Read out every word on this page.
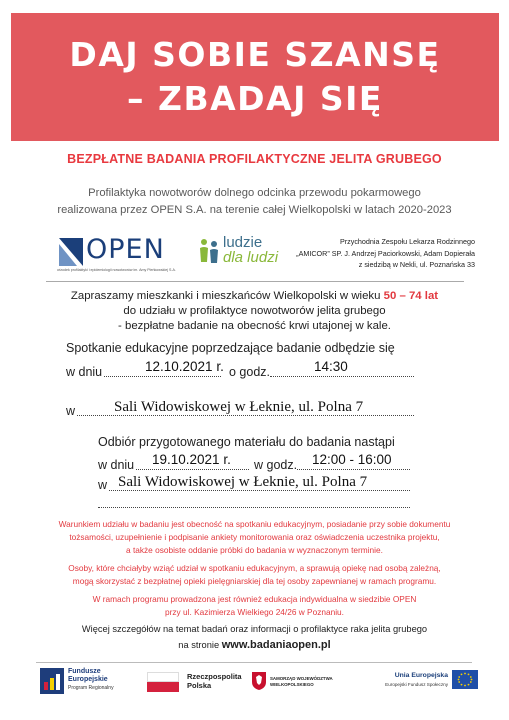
DAJ SOBIE SZANSĘ
– ZBADAJ SIĘ
BEZPŁATNE BADANIA PROFILAKTYCZNE JELITA GRUBEGO
Profilaktyka nowotworów dolnego odcinka przewodu pokarmowego
realizowana przez OPEN S.A. na terenie całej Wielkopolski w latach 2020-2023
OPEN
ośrodek profilaktyki i epidemiologii nowotworów im. Amy Pleńkowskiej S.A.
ludzie
dla ludzi
Przychodnia Zespołu Lekarza Rodzinnego
„AMICOR” SP. J. Andrzej Paciorkowski, Adam Dopierała
z siedzibą w Nekli, ul. Poznańska 33
Zapraszamy mieszkanki i mieszkańców Wielkopolski w wieku 50 – 74 lat
do udziału w profilaktyce nowotworów jelita grubego
- bezpłatne badanie na obecność krwi utajonej w kale.
Spotkanie edukacyjne poprzedzające badanie odbędzie się
w dniu	12.10.2021 r. o godz.	14:30
w	Sali Widowiskowej w Łeknie, ul. Polna 7
Odbiór przygotowanego materiału do badania nastąpi
w dniu 19.10.2021 r. w godz. 12:00 - 16:00
w Sali Widowiskowej w Łeknie, ul. Polna 7
Warunkiem udziału w badaniu jest obecność na spotkaniu edukacyjnym, posiadanie przy sobie dokumentu
tożsamości, uzupełnienie i podpisanie ankiety monitorowania oraz oświadczenia uczestnika projektu,
a także osobiste oddanie próbki do badania w wyznaczonym terminie.
Osoby, które chciałyby wziąć udział w spotkaniu edukacyjnym, a sprawują opiekę nad osobą zależną,
mogą skorzystać z bezpłatnej opieki pielęgniarskiej dla tej osoby zapewnianej w ramach programu.
W ramach programu prowadzona jest również edukacja indywidualna w siedzibie OPEN
przy ul. Kazimierza Wielkiego 24/26 w Poznaniu.
Więcej szczegółów na temat badań oraz informacji o profilaktyce raka jelita grubego
na stronie www.badaniaopen.pl
Fundusze
Europejskie
Program Regionalny
Rzeczpospolita
Polska
SAMORZĄD WOJEWÓDZTWA
WIELKOPOLSKIEGO
Unia Europejska
Europejski Fundusz Społeczny
